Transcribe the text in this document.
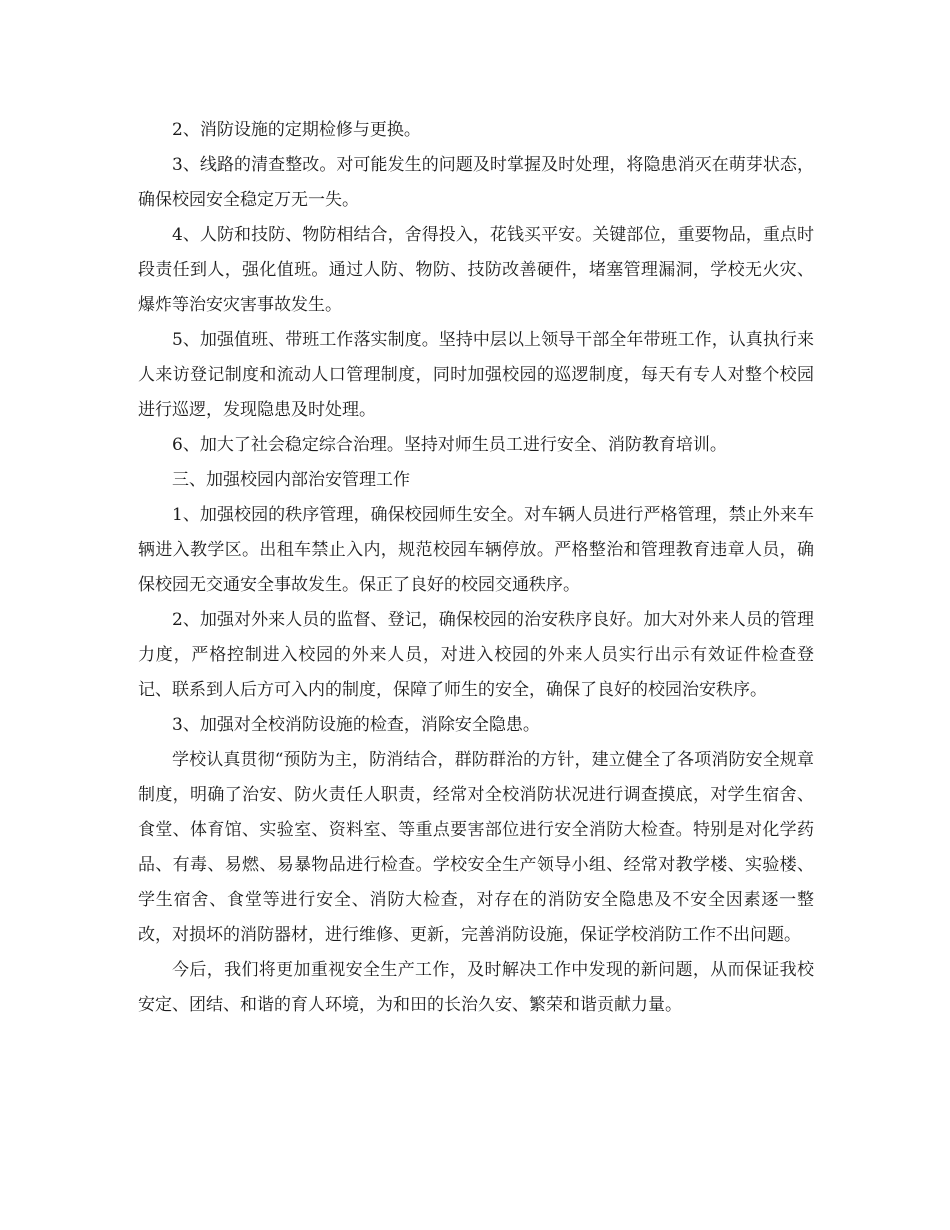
2、消防设施的定期检修与更换。

3、线路的清查整改。对可能发生的问题及时掌握及时处理，将隐患消灭在萌芽状态，确保校园安全稳定万无一失。

4、人防和技防、物防相结合，舍得投入，花钱买平安。关键部位，重要物品，重点时段责任到人，强化值班。通过人防、物防、技防改善硬件，堵塞管理漏洞，学校无火灾、爆炸等治安灾害事故发生。

5、加强值班、带班工作落实制度。坚持中层以上领导干部全年带班工作，认真执行来人来访登记制度和流动人口管理制度，同时加强校园的巡逻制度，每天有专人对整个校园进行巡逻，发现隐患及时处理。

6、加大了社会稳定综合治理。坚持对师生员工进行安全、消防教育培训。

三、加强校园内部治安管理工作

1、加强校园的秩序管理，确保校园师生安全。对车辆人员进行严格管理，禁止外来车辆进入教学区。出租车禁止入内，规范校园车辆停放。严格整治和管理教育违章人员，确保校园无交通安全事故发生。保正了良好的校园交通秩序。

2、加强对外来人员的监督、登记，确保校园的治安秩序良好。加大对外来人员的管理力度，严格控制进入校园的外来人员，对进入校园的外来人员实行出示有效证件检查登记、联系到人后方可入内的制度，保障了师生的安全，确保了良好的校园治安秩序。

3、加强对全校消防设施的检查，消除安全隐患。

学校认真贯彻“预防为主，防消结合，群防群治的方针，建立健全了各项消防安全规章制度，明确了治安、防火责任人职责，经常对全校消防状况进行调查摸底，对学生宿舍、食堂、体育馆、实验室、资料室、等重点要害部位进行安全消防大检查。特别是对化学药品、有毒、易燃、易暴物品进行检查。学校安全生产领导小组、经常对教学楼、实验楼、学生宿舍、食堂等进行安全、消防大检查，对存在的消防安全隐患及不安全因素逐一整改，对损坏的消防器材，进行维修、更新，完善消防设施，保证学校消防工作不出问题。

今后，我们将更加重视安全生产工作，及时解决工作中发现的新问题，从而保证我校安定、团结、和谐的育人环境，为和田的长治久安、繁荣和谐贡献力量。
